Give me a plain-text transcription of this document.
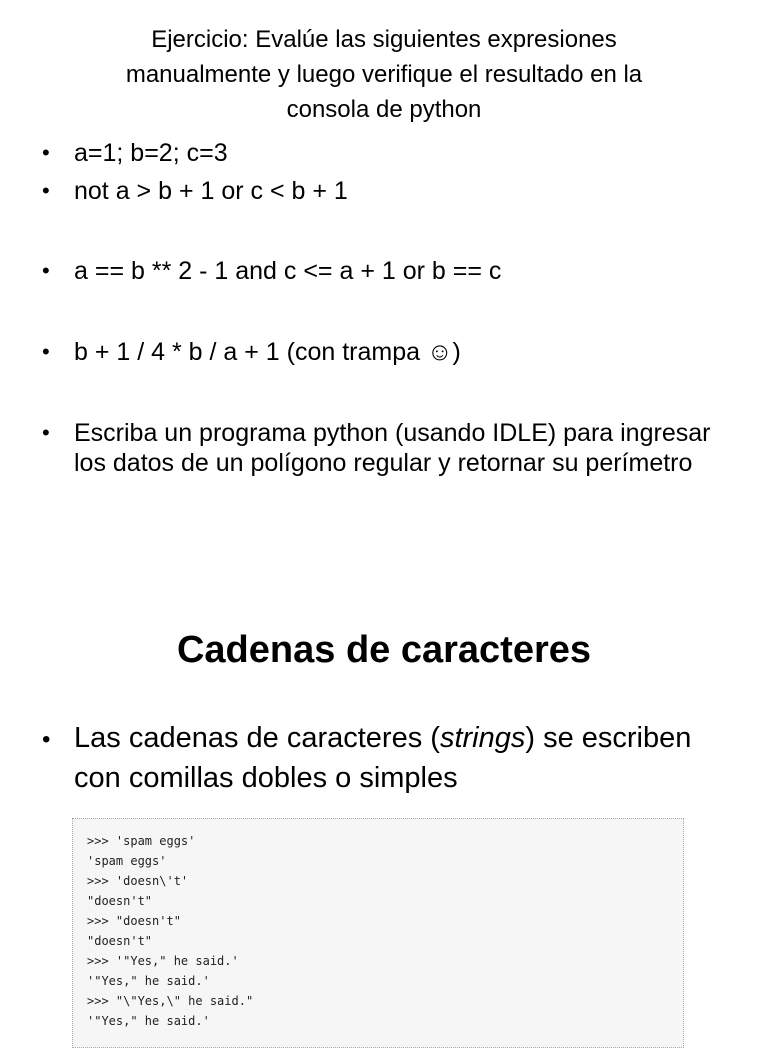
Ejercicio: Evalúe las siguientes expresiones
manualmente y luego verifique el resultado en la
consola de python
• a=1; b=2; c=3
• not a > b + 1 or c < b + 1
• a == b ** 2 - 1 and c <= a + 1 or b == c
• b + 1 / 4 * b / a + 1 (con trampa ☺)
• Escriba un programa python (usando IDLE) para ingresar los datos de un polígono regular y retornar su perímetro
Cadenas de caracteres
• Las cadenas de caracteres (strings) se escriben con comillas dobles o simples
>>> 'spam eggs'
'spam eggs'
>>> 'doesn\'t'
"doesn't"
>>> "doesn't"
"doesn't"
>>> '"Yes," he said.'
'"Yes," he said.'
>>> "\"Yes,\" he said."
'"Yes," he said.'
